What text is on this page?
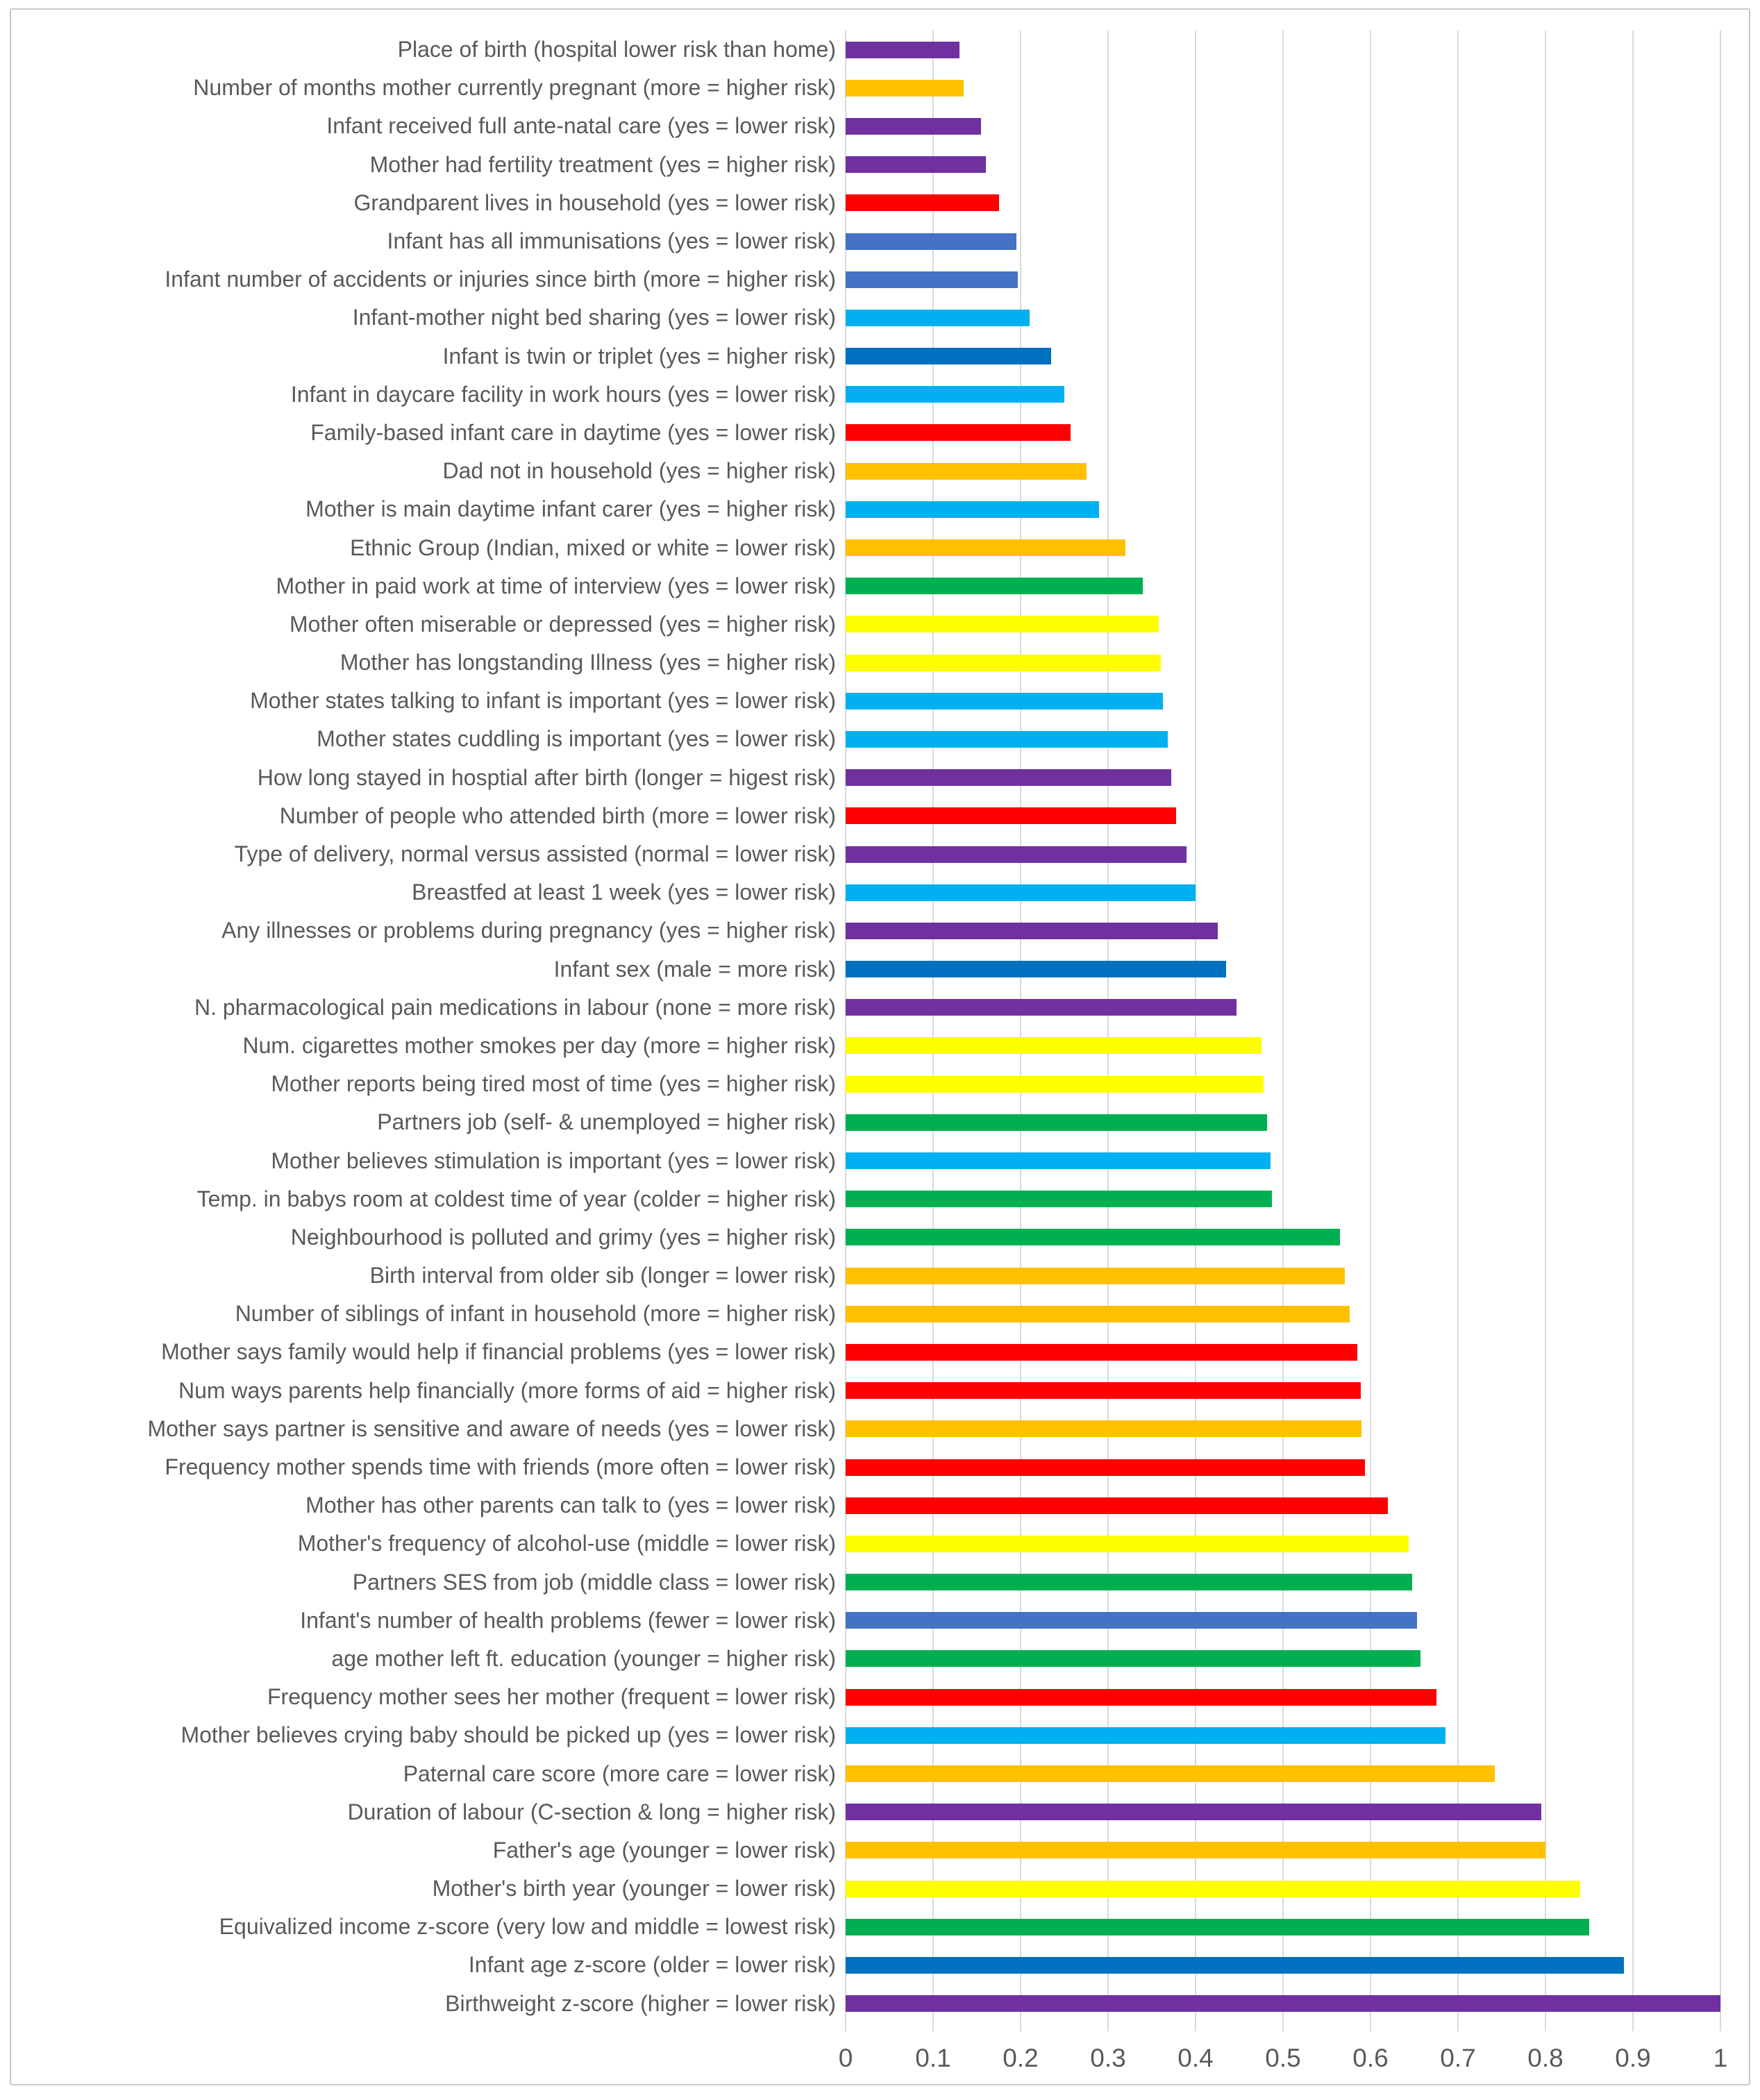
Place of birth (hospital lower risk than home)
Number of months mother currently pregnant (more = higher risk)
Infant received full ante-natal care (yes = lower risk)
Mother had fertility treatment (yes = higher risk)
Grandparent lives in household (yes = lower risk)
Infant has all immunisations (yes = lower risk)
Infant number of accidents or injuries since birth (more = higher risk)
Infant-mother night bed sharing (yes = lower risk)
Infant is twin or triplet (yes = higher risk)
Infant in daycare facility in work hours (yes = lower risk)
Family-based infant care in daytime (yes = lower risk)
Dad not in household (yes = higher risk)
Mother is main daytime infant carer (yes = higher risk)
Ethnic Group (Indian, mixed or white = lower risk)
Mother in paid work at time of interview (yes = lower risk)
Mother often miserable or depressed (yes = higher risk)
Mother has longstanding Illness (yes = higher risk)
Mother states talking to infant is important (yes = lower risk)
Mother states cuddling is important (yes = lower risk)
How long stayed in hosptial after birth (longer = higest risk)
Number of people who attended birth (more = lower risk)
Type of delivery, normal versus assisted (normal = lower risk)
Breastfed at least 1 week (yes = lower risk)
Any illnesses or problems during pregnancy (yes = higher risk)
Infant sex (male = more risk)
N. pharmacological pain medications in labour (none = more risk)
Num. cigarettes mother smokes per day (more = higher risk)
Mother reports being tired most of time (yes = higher risk)
Partners job (self- & unemployed = higher risk)
Mother believes stimulation is important (yes = lower risk)
Temp. in babys room at coldest time of year (colder = higher risk)
Neighbourhood is polluted and grimy (yes = higher risk)
Birth interval from older sib (longer = lower risk)
Number of siblings of infant in household (more = higher risk)
Mother says family would help if financial problems (yes = lower risk)
Num ways parents help financially (more forms of aid = higher risk)
Mother says partner is sensitive and aware of needs (yes = lower risk)
Frequency mother spends time with friends (more often = lower risk)
Mother has other parents can talk to (yes = lower risk)
Mother's frequency of alcohol-use (middle = lower risk)
Partners SES from job (middle class = lower risk)
Infant's number of health problems (fewer = lower risk)
age mother left ft. education (younger = higher risk)
Frequency mother sees her mother (frequent = lower risk)
Mother believes crying baby should be picked up (yes = lower risk)
Paternal care score (more care = lower risk)
Duration of labour (C-section & long = higher risk)
Father's age (younger = lower risk)
Mother's birth year (younger = lower risk)
Equivalized income z-score (very low and middle = lowest risk)
Infant age z-score (older = lower risk)
Birthweight z-score (higher = lower risk)
0	0.1	0.2	0.3	0.4	0.5	0.6	0.7	0.8	0.9	1
